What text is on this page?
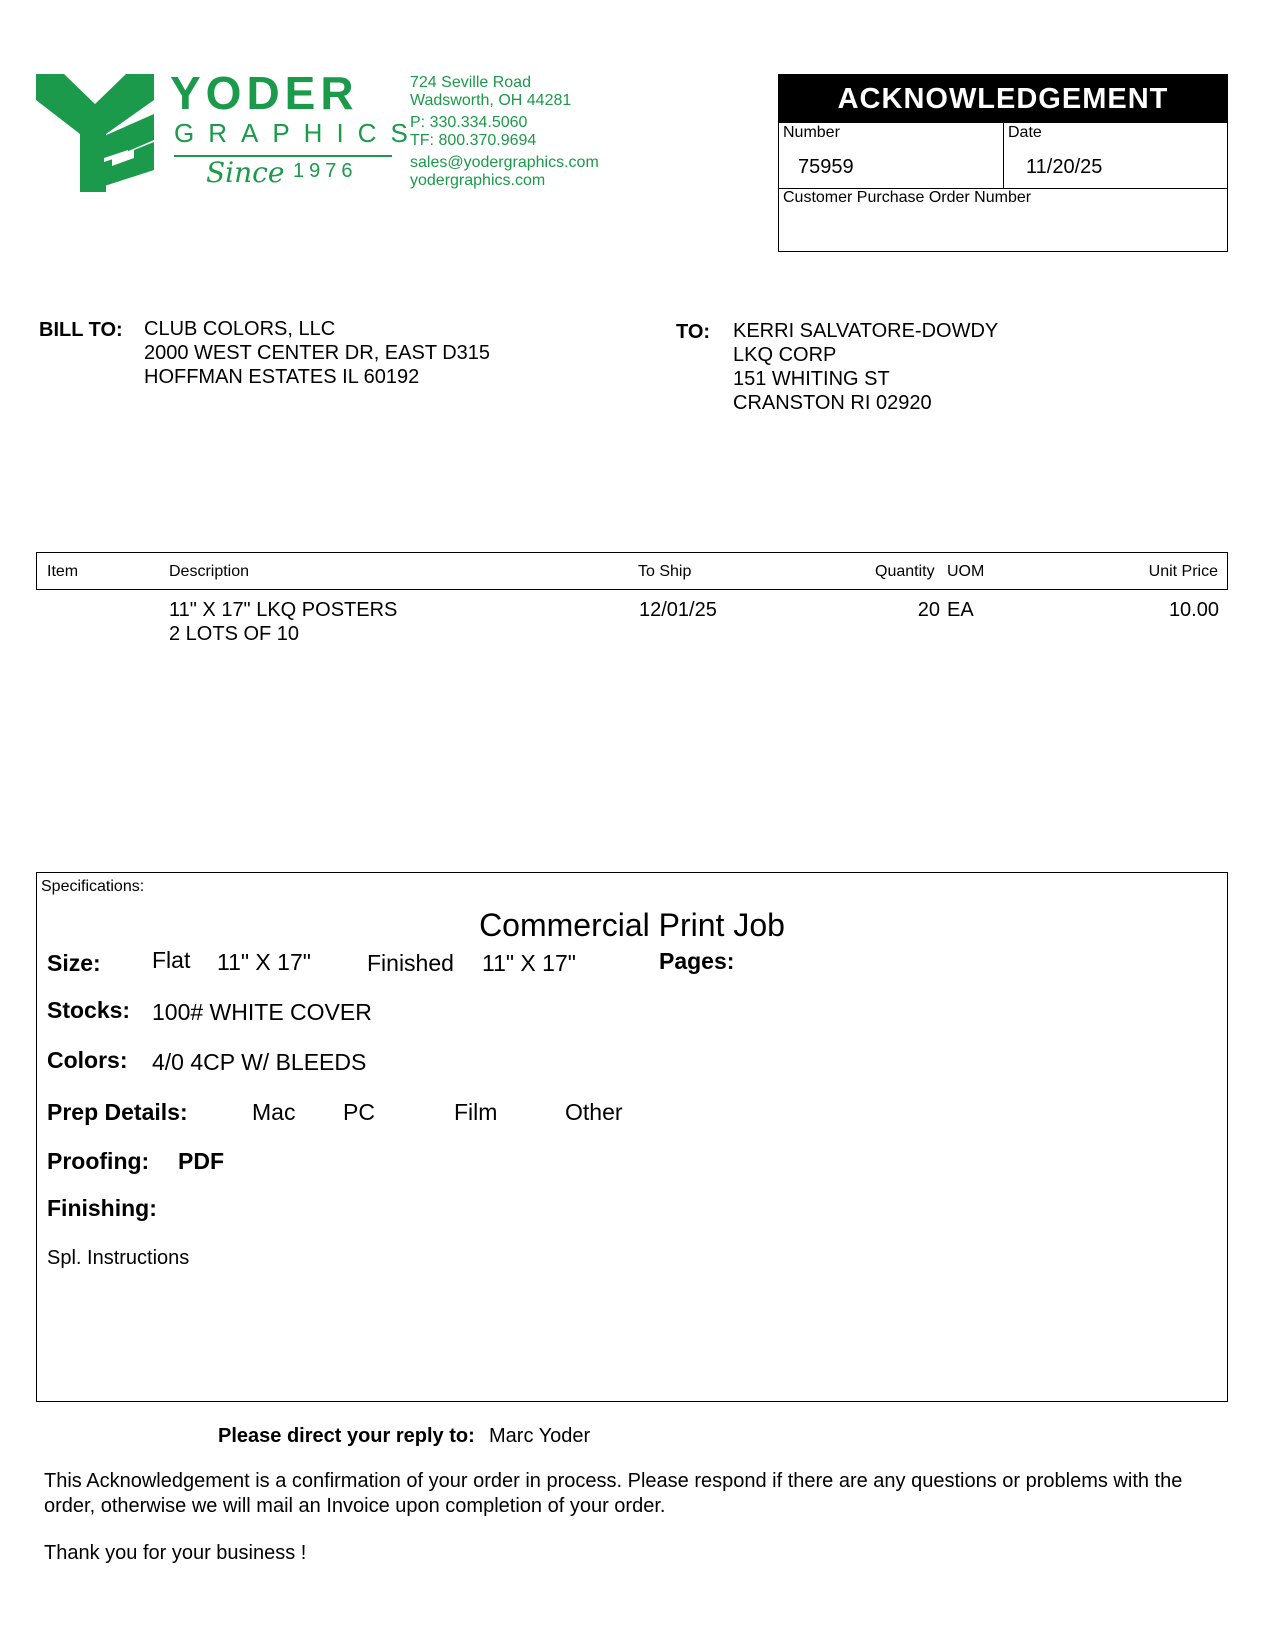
YODER
GRAPHICS
Since 1976
724 Seville Road
Wadsworth, OH 44281
P: 330.334.5060
TF: 800.370.9694
sales@yodergraphics.com
yodergraphics.com
ACKNOWLEDGEMENT
Number
75959
Date
11/20/25
Customer Purchase Order Number
BILL TO: CLUB COLORS, LLC
2000 WEST CENTER DR, EAST D315
HOFFMAN ESTATES IL 60192
TO: KERRI SALVATORE-DOWDY
LKQ CORP
151 WHITING ST
CRANSTON RI 02920
Item	Description	To Ship	Quantity UOM	Unit Price
11" X 17" LKQ POSTERS
2 LOTS OF 10
12/01/25	20 EA	10.00
Specifications:
Commercial Print Job
Size: Flat 11" X 17" Finished 11" X 17"	Pages:
Stocks: 100# WHITE COVER
Colors: 4/0 4CP W/ BLEEDS
Prep Details:	Mac PC	Film	Other
Proofing: PDF
Finishing:
Spl. Instructions
Please direct your reply to: Marc Yoder
This Acknowledgement is a confirmation of your order in process. Please respond if there are any questions or problems with the
order, otherwise we will mail an Invoice upon completion of your order.
Thank you for your business !
